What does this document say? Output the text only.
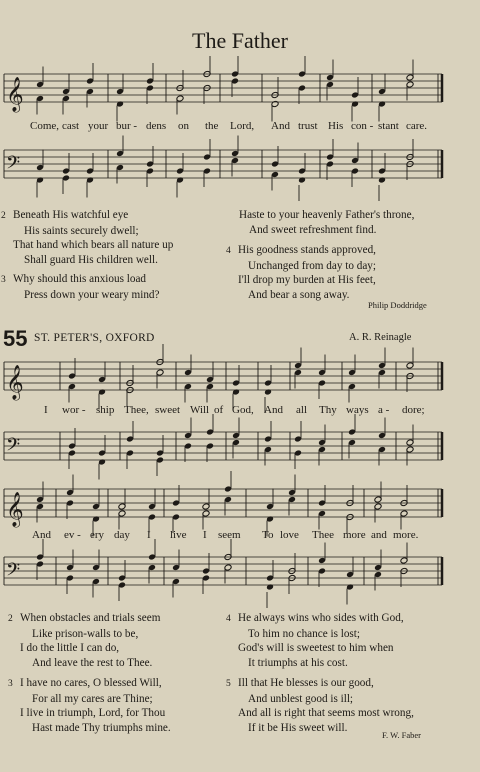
The Father
𝄞
𝄢
𝄞
𝄢
𝄞
𝄢
Come, cast your bur - dens on the Lord, And trust His con - stant care.
2 Beneath His watchful eye
His saints securely dwell;
That hand which bears all nature up
Shall guard His children well.
3 Why should this anxious load
Press down your weary mind?
Haste to your heavenly Father's throne,
And sweet refreshment find.
4 His goodness stands approved,
Unchanged from day to day;
I'll drop my burden at His feet,
And bear a song away.
Philip Doddridge
55 ST. PETER'S, OXFORD	A. R. Reinagle
I wor - ship Thee, sweet Will of God, And all Thy ways a - dore;
And ev - ery day I live I seem To love Thee more and more.
2 When obstacles and trials seem
Like prison-walls to be,
I do the little I can do,
And leave the rest to Thee.
3 I have no cares, O blessed Will,
For all my cares are Thine;
I live in triumph, Lord, for Thou
Hast made Thy triumphs mine.
4 He always wins who sides with God,
To him no chance is lost;
God's will is sweetest to him when
It triumphs at his cost.
5 Ill that He blesses is our good,
And unblest good is ill;
And all is right that seems most wrong,
If it be His sweet will.
F. W. Faber
